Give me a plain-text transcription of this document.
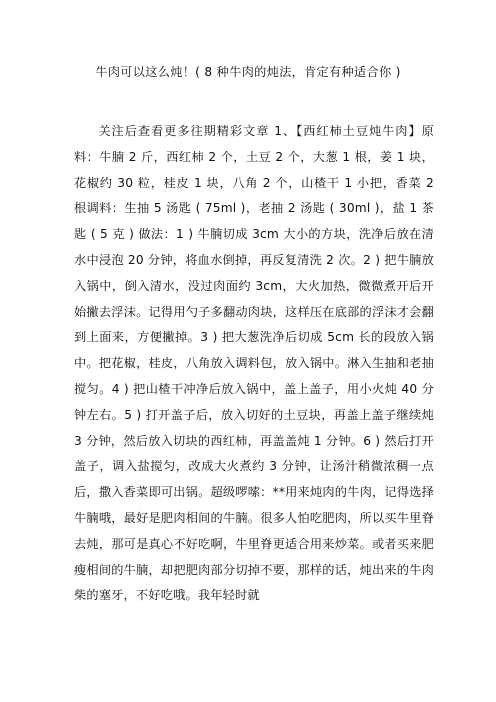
牛肉可以这么炖！( 8 种牛肉的炖法，肯定有种适合你 )

关注后查看更多往期精彩文章 1、【西红柿土豆炖牛肉】原料：牛腩 2 斤，西红柿 2 个，土豆 2 个，大葱 1 根，姜 1 块，花椒约 30 粒，桂皮 1 块，八角 2 个，山楂干 1 小把，香菜 2 根调料：生抽 5 汤匙 ( 75ml )，老抽 2 汤匙 ( 30ml )，盐 1 茶匙 ( 5 克 ) 做法：1 ) 牛腩切成 3cm 大小的方块，洗净后放在清水中浸泡 20 分钟，将血水倒掉，再反复清洗 2 次。2 ) 把牛腩放入锅中，倒入清水，没过肉面约 3cm，大火加热，微微煮开后开始撇去浮沫。记得用勺子多翻动肉块，这样压在底部的浮沫才会翻到上面来，方便撇掉。3 ) 把大葱洗净后切成 5cm 长的段放入锅中。把花椒，桂皮，八角放入调料包，放入锅中。淋入生抽和老抽搅匀。4 ) 把山楂干冲净后放入锅中，盖上盖子，用小火炖 40 分钟左右。5 ) 打开盖子后，放入切好的土豆块，再盖上盖子继续炖 3 分钟，然后放入切块的西红柿，再盖盖炖 1 分钟。6 ) 然后打开盖子，调入盐搅匀，改成大火煮约 3 分钟，让汤汁稍微浓稠一点后，撒入香菜即可出锅。超级啰嗦：**用来炖肉的牛肉，记得选择牛腩哦，最好是肥肉相间的牛腩。很多人怕吃肥肉，所以买牛里脊去炖，那可是真心不好吃啊，牛里脊更适合用来炒菜。或者买来肥瘦相间的牛腩，却把肥肉部分切掉不要，那样的话，炖出来的牛肉柴的塞牙，不好吃哦。我年轻时就
